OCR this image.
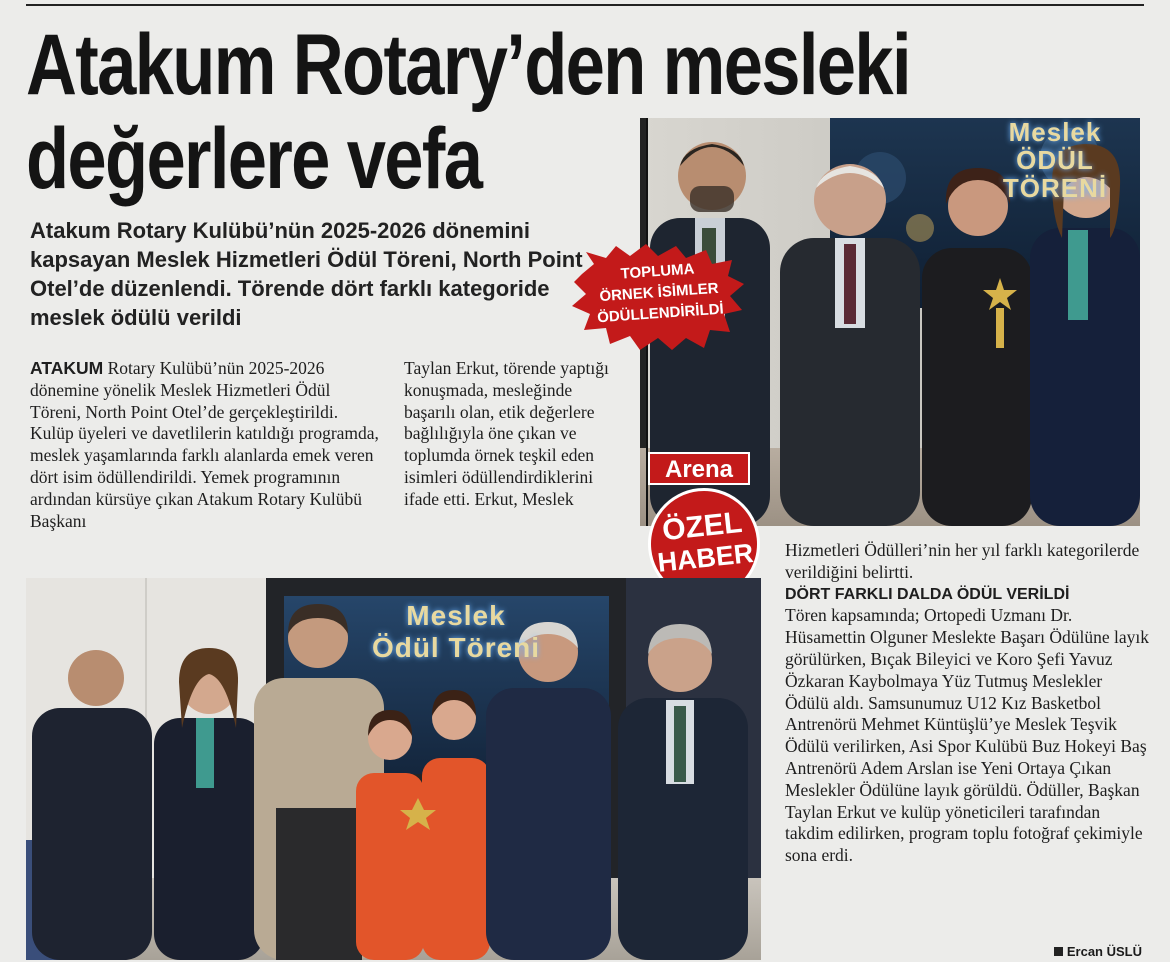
Atakum Rotary’den mesleki
değerlere vefa
Atakum Rotary Kulübü’nün 2025-2026 dönemini kapsayan Meslek Hizmetleri Ödül Töreni, North Point Otel’de düzenlendi. Törende dört farklı kategoride meslek ödülü verildi
Meslek
ÖDÜL TÖRENİ
TOPLUMA
ÖRNEK İSİMLER
ÖDÜLLENDİRİLDİ
Arena
ÖZEL
HABER
ATAKUM Rotary Kulübü’nün 2025-2026 dönemine yönelik Meslek Hizmetleri Ödül Töreni, North Point Otel’de gerçekleştirildi. Kulüp üyeleri ve davetlilerin katıldığı programda, meslek yaşamlarında farklı alanlarda emek veren dört isim ödüllendirildi. Yemek programının ardından kürsüye çıkan Atakum Rotary Kulübü Başkanı
Taylan Erkut, törende yaptığı konuşmada, mesleğinde başarılı olan, etik değerlere bağlılığıyla öne çıkan ve toplumda örnek teşkil eden isimleri ödüllendirdiklerini ifade etti. Erkut, Meslek
Hizmetleri Ödülleri’nin her yıl farklı kategorilerde verildiğini belirtti.
DÖRT FARKLI DALDA ÖDÜL VERİLDİ
Tören kapsamında; Ortopedi Uzmanı Dr. Hüsamettin Olguner Meslekte Başarı Ödülüne layık görülürken, Bıçak Bileyici ve Koro Şefi Yavuz Özkaran Kaybolmaya Yüz Tutmuş Meslekler Ödülü aldı. Samsunumuz U12 Kız Basketbol Antrenörü Mehmet Küntüşlü’ye Meslek Teşvik Ödülü verilirken, Asi Spor Kulübü Buz Hokeyi Baş Antrenörü Adem Arslan ise Yeni Ortaya Çıkan Meslekler Ödülüne layık görüldü. Ödüller, Başkan Taylan Erkut ve kulüp yöneticileri tarafından takdim edilirken, program toplu fotoğraf çekimiyle sona erdi.
Meslek
Ödül Töreni
Ercan ÜSLÜ
